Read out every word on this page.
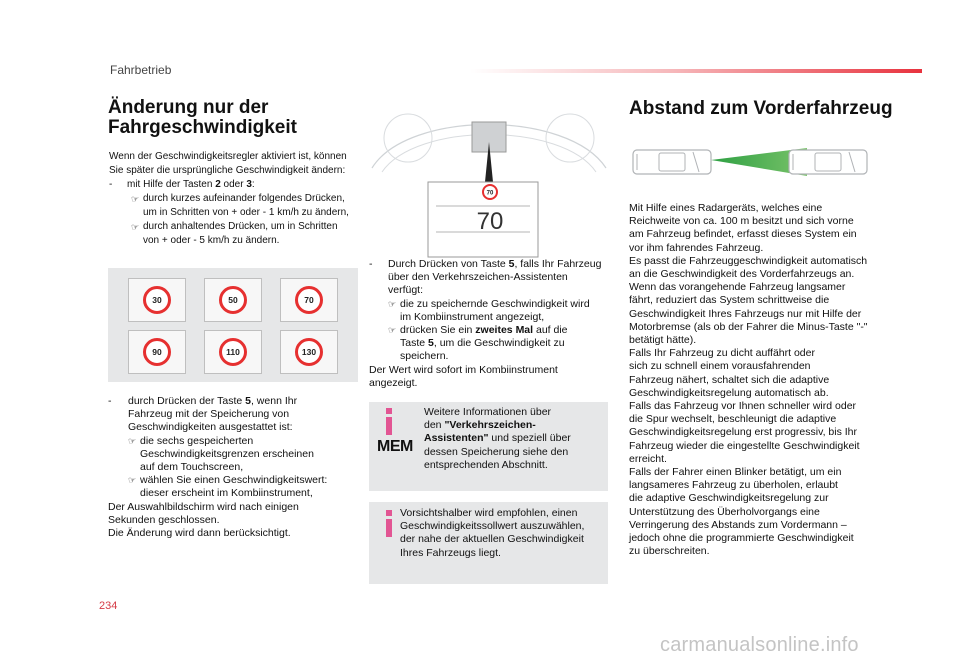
Fahrbetrieb
Änderung nur der
Fahrgeschwindigkeit
Wenn der Geschwindigkeitsregler aktiviert ist, können
Sie später die ursprüngliche Geschwindigkeit ändern:
- mit Hilfe der Tasten 2 oder 3:
☞ durch kurzes aufeinander folgendes Drücken,
um in Schritten von + oder - 1 km/h zu ändern,
☞ durch anhaltendes Drücken, um in Schritten
von + oder - 5 km/h zu ändern.
30	50	70
90	110	130
- durch Drücken der Taste 5, wenn Ihr
Fahrzeug mit der Speicherung von
Geschwindigkeiten ausgestattet ist:
☞ die sechs gespeicherten
Geschwindigkeitsgrenzen erscheinen
auf dem Touchscreen,
☞ wählen Sie einen Geschwindigkeitswert:
dieser erscheint im Kombiinstrument,
Der Auswahlbildschirm wird nach einigen
Sekunden geschlossen.
Die Änderung wird dann berücksichtigt.
70
70
- Durch Drücken von Taste 5, falls Ihr Fahrzeug
über den Verkehrszeichen-Assistenten
verfügt:
☞ die zu speichernde Geschwindigkeit wird
im Kombiinstrument angezeigt,
☞ drücken Sie ein zweites Mal auf die
Taste 5, um die Geschwindigkeit zu
speichern.
Der Wert wird sofort im Kombiinstrument
angezeigt.
MEM
Weitere Informationen über
den "Verkehrszeichen-
Assistenten" und speziell über
dessen Speicherung siehe den
entsprechenden Abschnitt.
Vorsichtshalber wird empfohlen, einen
Geschwindigkeitssollwert auszuwählen,
der nahe der aktuellen Geschwindigkeit
Ihres Fahrzeugs liegt.
Abstand zum Vorderfahrzeug
Mit Hilfe eines Radargeräts, welches eine
Reichweite von ca. 100 m besitzt und sich vorne
am Fahrzeug befindet, erfasst dieses System ein
vor ihm fahrendes Fahrzeug.
Es passt die Fahrzeuggeschwindigkeit automatisch
an die Geschwindigkeit des Vorderfahrzeugs an.
Wenn das vorangehende Fahrzeug langsamer
fährt, reduziert das System schrittweise die
Geschwindigkeit Ihres Fahrzeugs nur mit Hilfe der
Motorbremse (als ob der Fahrer die Minus-Taste "-"
betätigt hätte).
Falls Ihr Fahrzeug zu dicht auffährt oder
sich zu schnell einem vorausfahrenden
Fahrzeug nähert, schaltet sich die adaptive
Geschwindigkeitsregelung automatisch ab.
Falls das Fahrzeug vor Ihnen schneller wird oder
die Spur wechselt, beschleunigt die adaptive
Geschwindigkeitsregelung erst progressiv, bis Ihr
Fahrzeug wieder die eingestellte Geschwindigkeit
erreicht.
Falls der Fahrer einen Blinker betätigt, um ein
langsameres Fahrzeug zu überholen, erlaubt
die adaptive Geschwindigkeitsregelung zur
Unterstützung des Überholvorgangs eine
Verringerung des Abstands zum Vordermann –
jedoch ohne die programmierte Geschwindigkeit
zu überschreiten.
234
carmanualsonline.info
